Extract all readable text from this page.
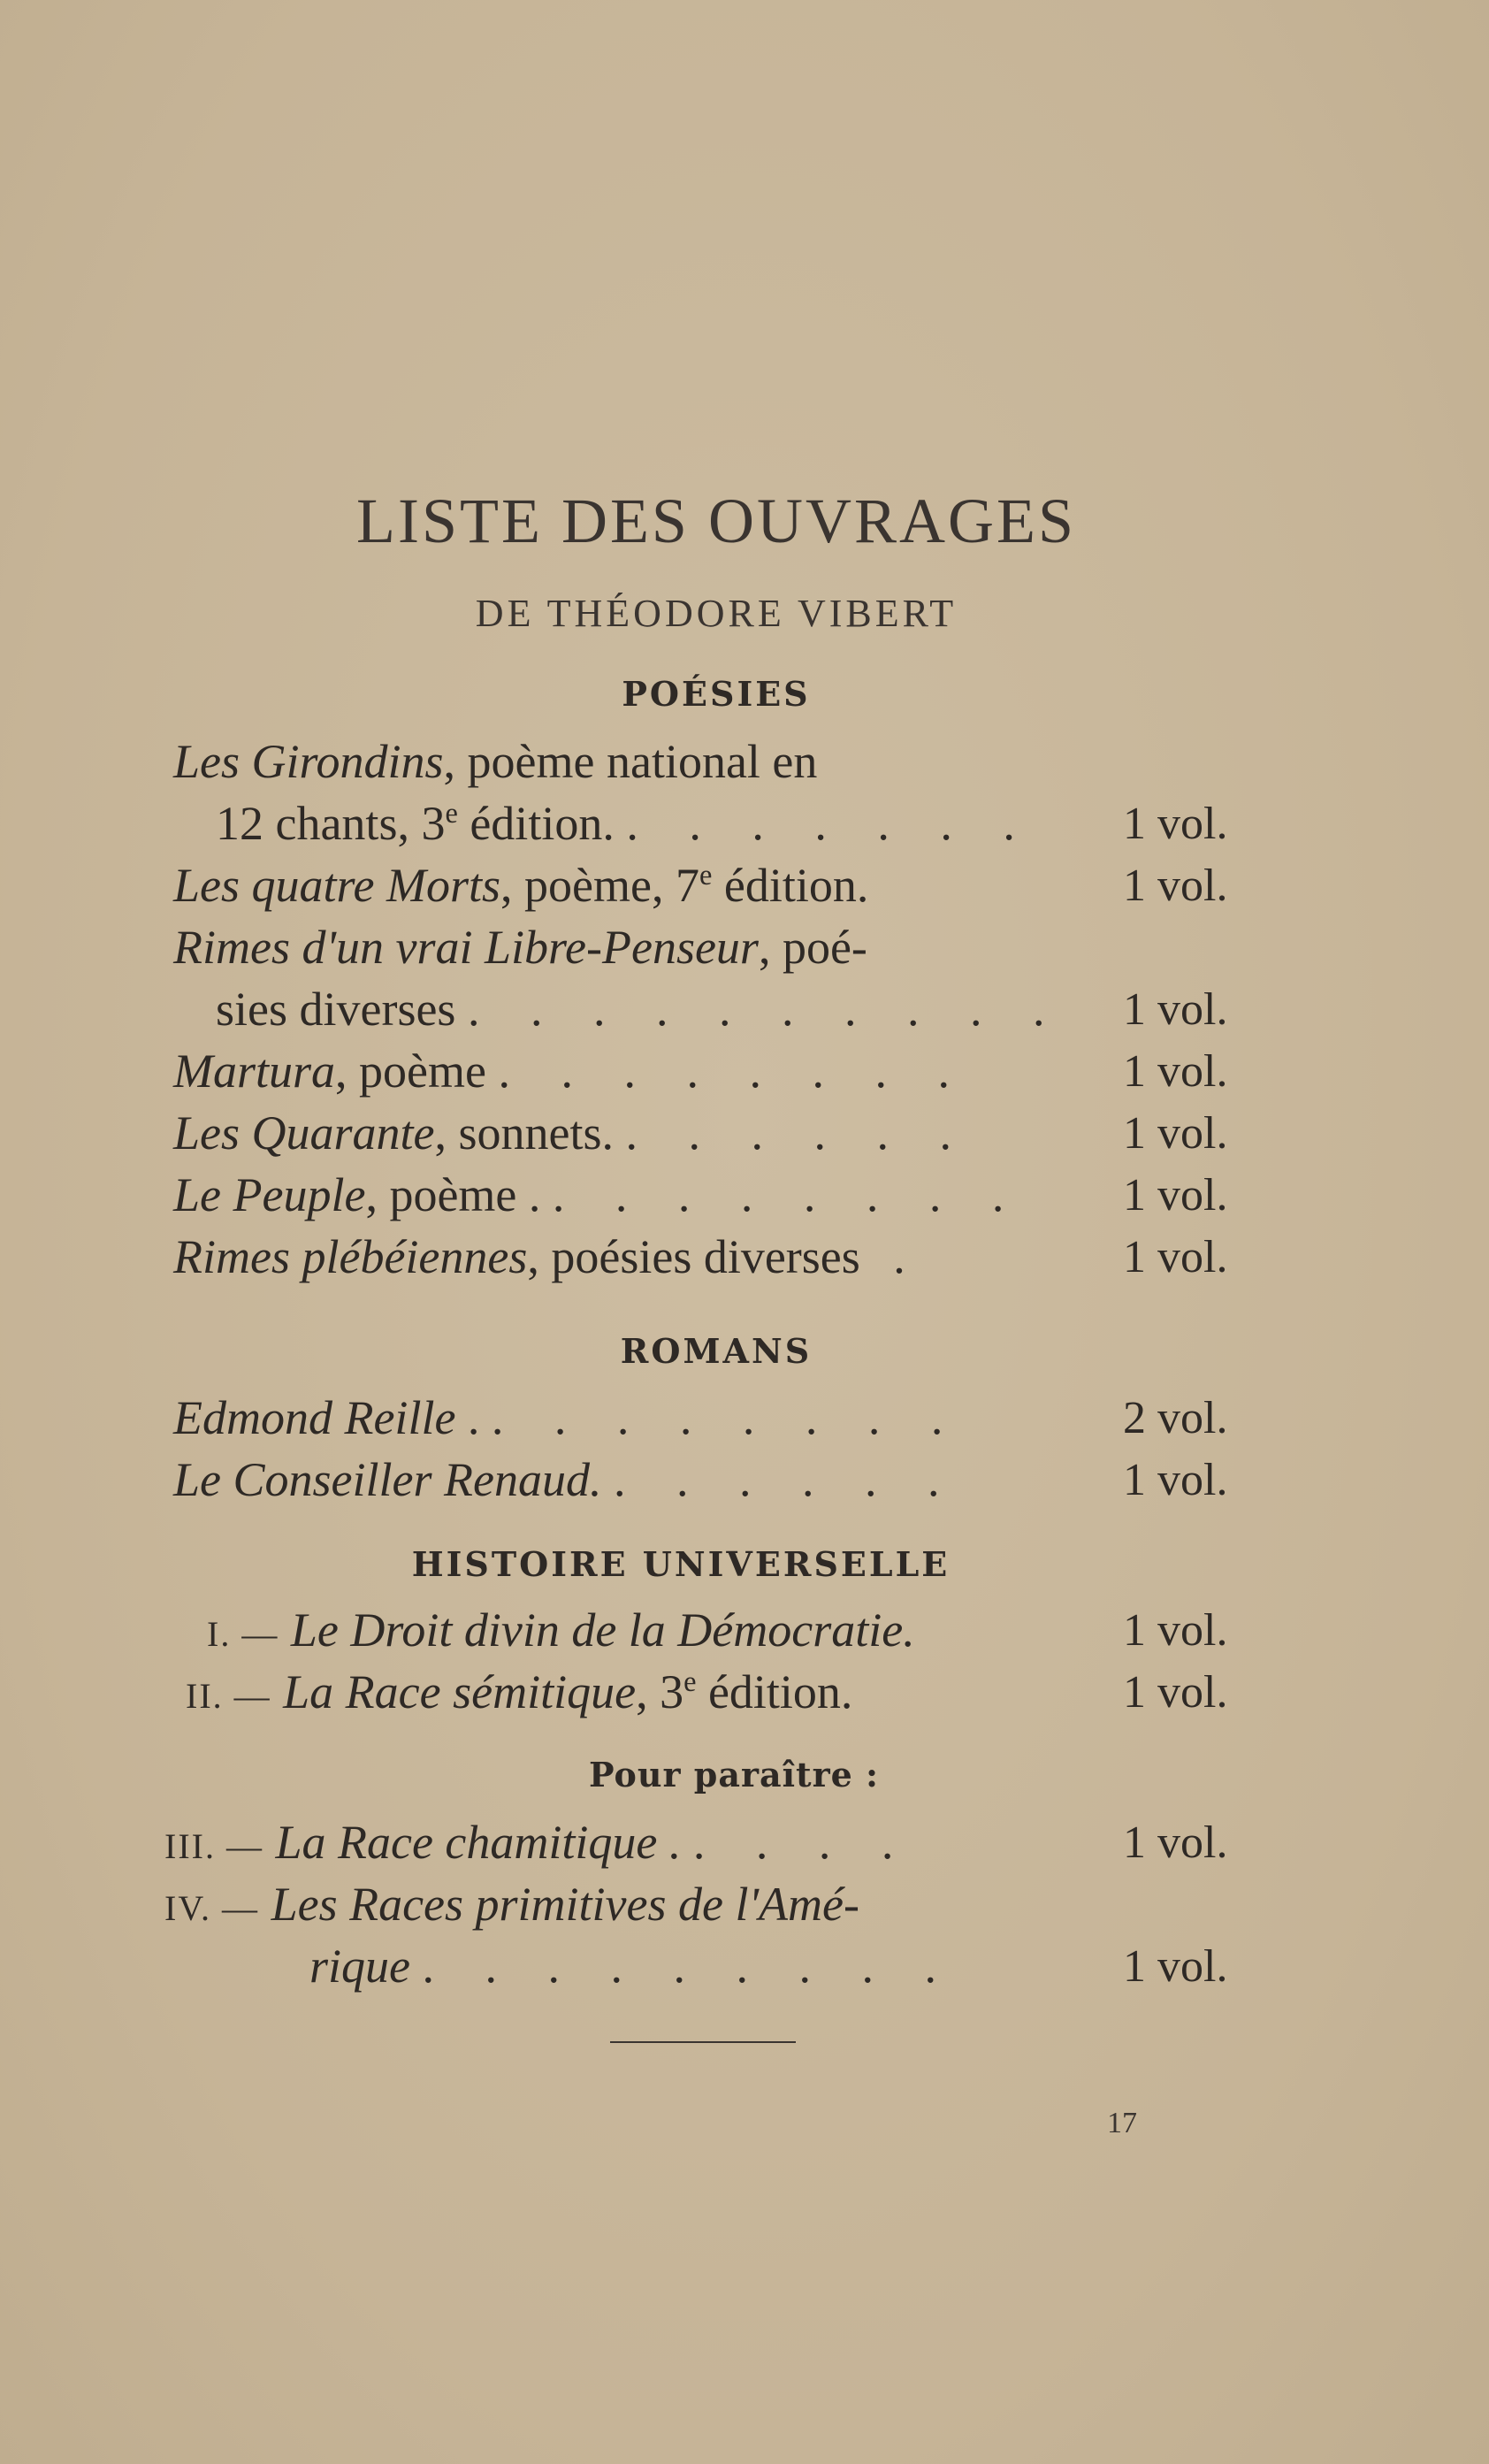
LISTE DES OUVRAGES
DE THÉODORE VIBERT
POÉSIES
Les Girondins, poème national en
12 chants, 3e édition. . . . . . . . 1 vol.
Les quatre Morts, poème, 7e édition.	1 vol.
Rimes d'un vrai Libre-Penseur, poé-
sies diverses . . . . . . . . . . 1 vol.
Martura, poème . . . . . . . .	1 vol.
Les Quarante, sonnets. . . . . . .	1 vol.
Le Peuple, poème . . . . . . . . . 1 vol.
Rimes plébéiennes, poésies diverses .	1 vol.
ROMANS
Edmond Reille . . . . . . . . .	2 vol.
Le Conseiller Renaud. . . . . . .	1 vol.
HISTOIRE UNIVERSELLE
I. — Le Droit divin de la Démocratie.	1 vol.
II. — La Race sémitique, 3e édition.	1 vol.
Pour paraître :
III. — La Race chamitique . . . . .	1 vol.
IV. — Les Races primitives de l'Amé-
rique . . . . . . . . .	1 vol.
17
